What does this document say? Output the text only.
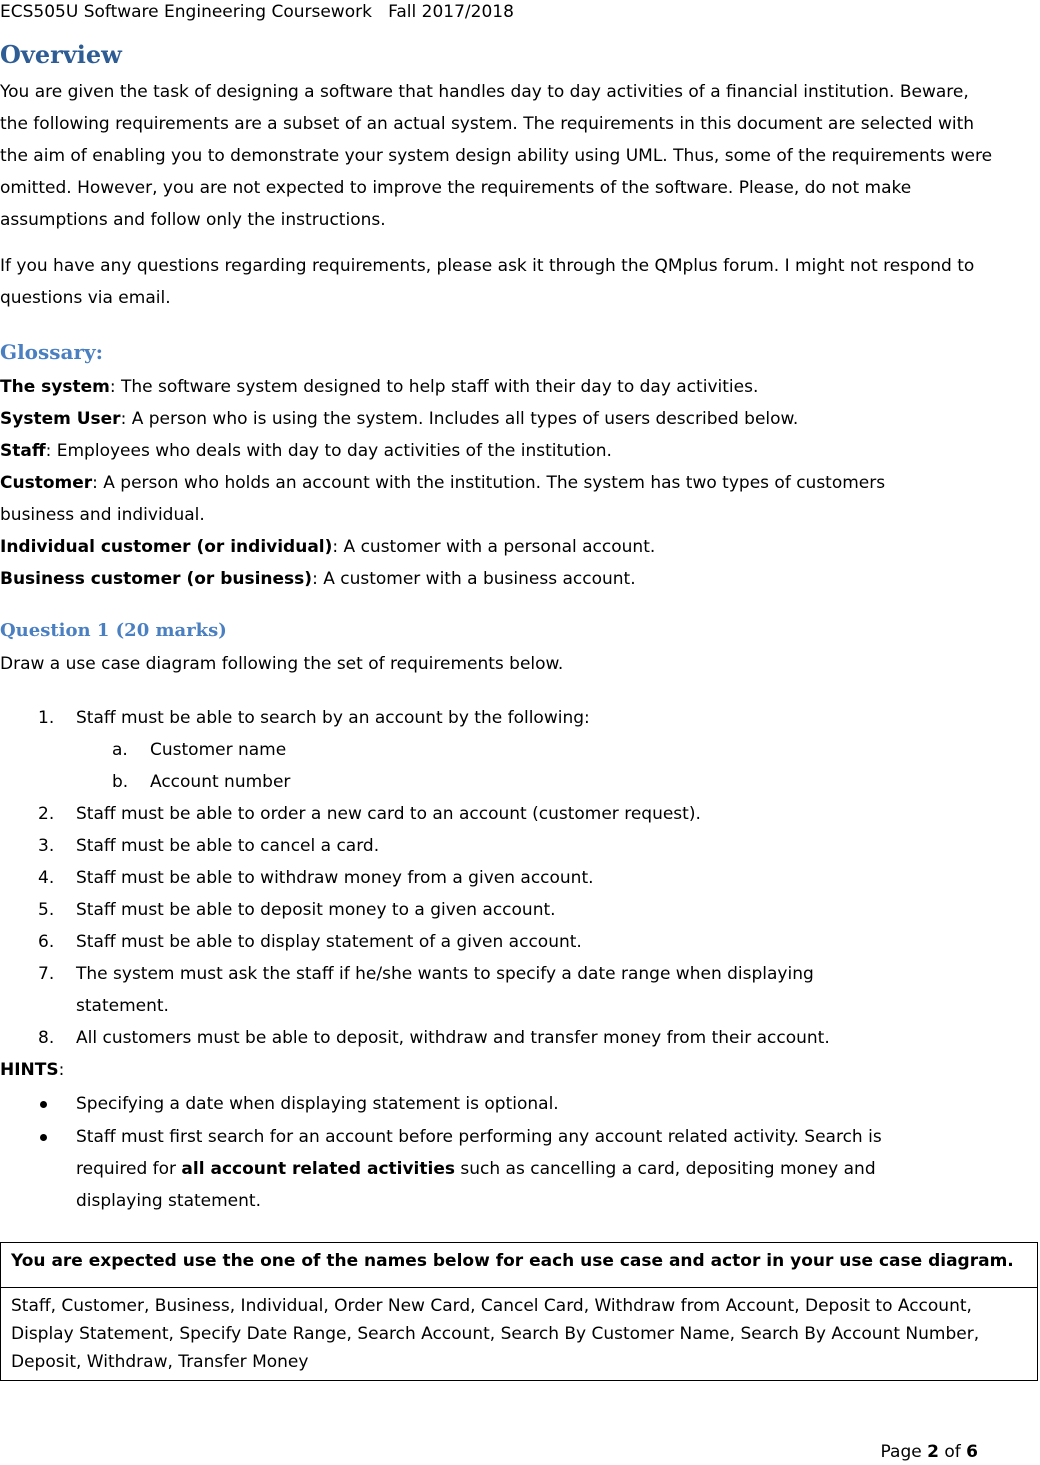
ECS505U Software Engineering Coursework Fall 2017/2018
Overview

You are given the task of designing a software that handles day to day activities of a financial institution. Beware, the following requirements are a subset of an actual system. The requirements in this document are selected with the aim of enabling you to demonstrate your system design ability using UML. Thus, some of the requirements were omitted. However, you are not expected to improve the requirements of the software. Please, do not make assumptions and follow only the instructions.

If you have any questions regarding requirements, please ask it through the QMplus forum. I might not respond to questions via email.

Glossary:
The system: The software system designed to help staff with their day to day activities.
System User: A person who is using the system. Includes all types of users described below.
Staff: Employees who deals with day to day activities of the institution.
Customer: A person who holds an account with the institution. The system has two types of customers
business and individual.
Individual customer (or individual): A customer with a personal account.
Business customer (or business): A customer with a business account.
Question 1 (20 marks)
Draw a use case diagram following the set of requirements below.
1. Staff must be able to search by an account by the following:
a. Customer name
b. Account number
2. Staff must be able to order a new card to an account (customer request).
3. Staff must be able to cancel a card.
4. Staff must be able to withdraw money from a given account.
5. Staff must be able to deposit money to a given account.
6. Staff must be able to display statement of a given account.
7. The system must ask the staff if he/she wants to specify a date range when displaying
statement.
8. All customers must be able to deposit, withdraw and transfer money from their account.
HINTS:
Specifying a date when displaying statement is optional.
Staff must first search for an account before performing any account related activity. Search is
required for all account related activities such as cancelling a card, depositing money and
displaying statement.
You are expected use the one of the names below for each use case and actor in your use case diagram.
Staff, Customer, Business, Individual, Order New Card, Cancel Card, Withdraw from Account, Deposit to Account, Display Statement, Specify Date Range, Search Account, Search By Customer Name, Search By Account Number, Deposit, Withdraw, Transfer Money
Page 2 of 6
